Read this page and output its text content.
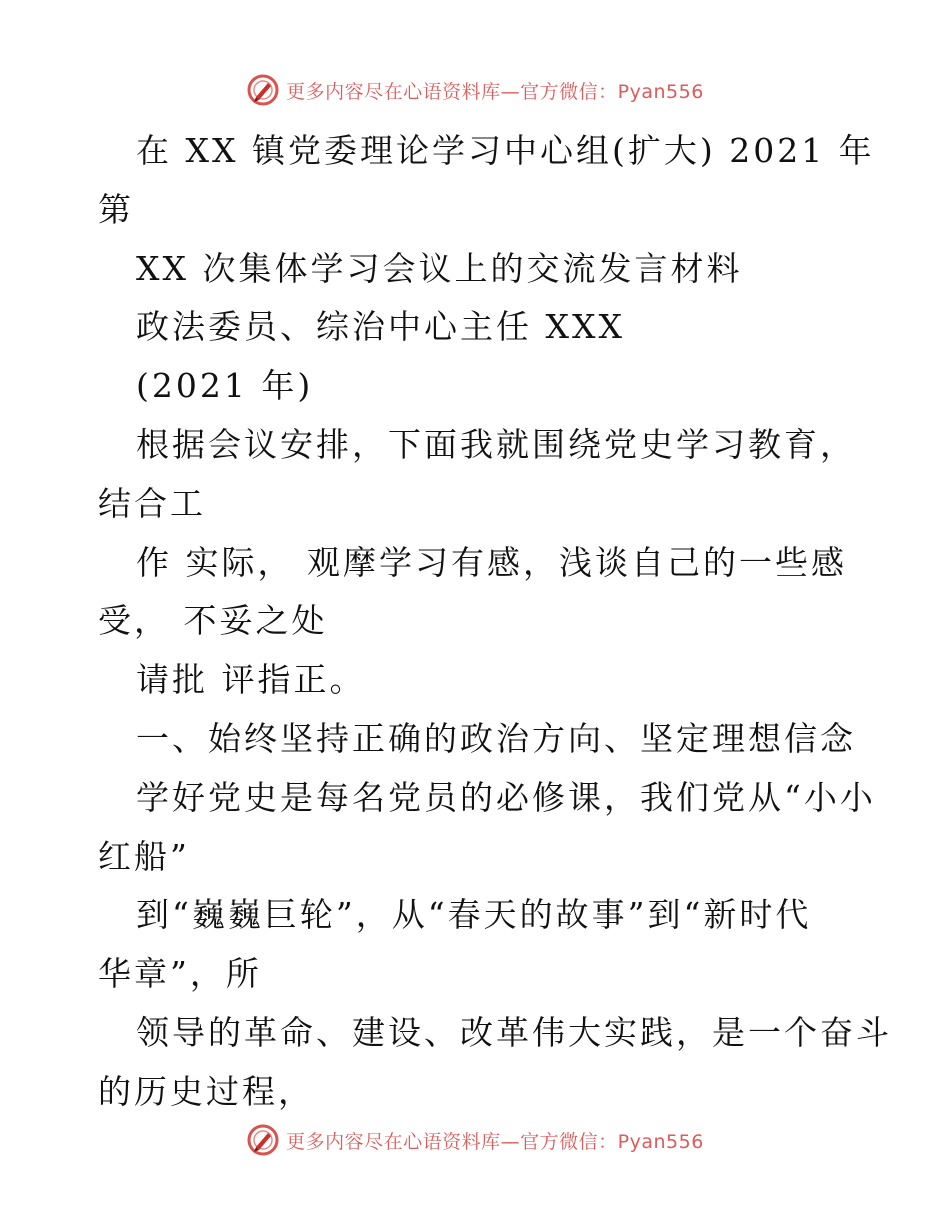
更多内容尽在心语资料库—官方微信：Pyan556
在 XX 镇党委理论学习中心组(扩大) 2021 年
第
XX 次集体学习会议上的交流发言材料
政法委员、综治中心主任 XXX
(2021 年)
根据会议安排，下面我就围绕党史学习教育，
结合工
作 实际， 观摩学习有感，浅谈自己的一些感
受， 不妥之处
请批 评指正。
一、始终坚持正确的政治方向、坚定理想信念
学好党史是每名党员的必修课，我们党从“小小
红船”
到“巍巍巨轮”，从“春天的故事”到“新时代
华章”，所
领导的革命、建设、改革伟大实践，是一个奋斗
的历史过程，
更多内容尽在心语资料库—官方微信：Pyan556
